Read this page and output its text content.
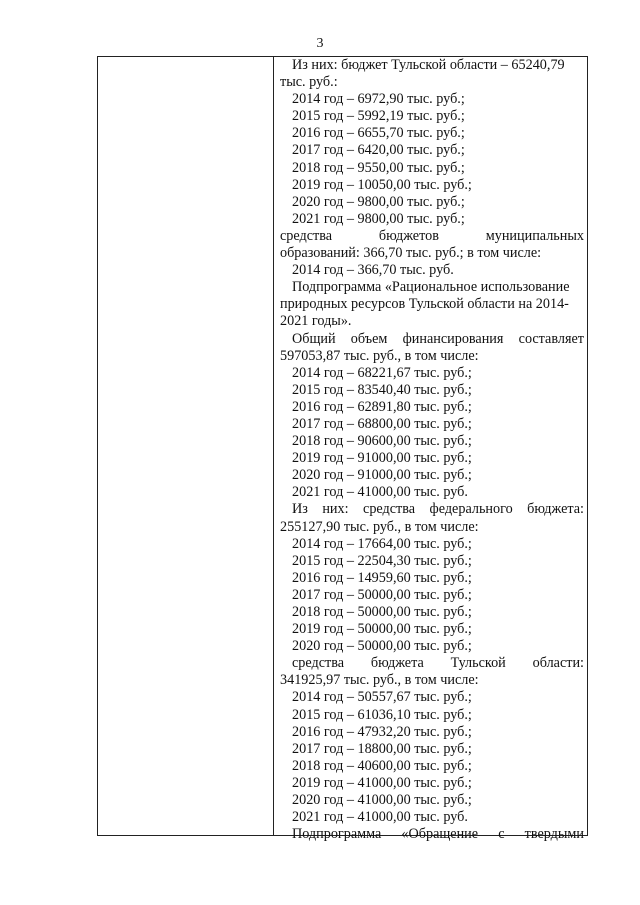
3
Из них: бюджет Тульской области – 65240,79
тыс. руб.:
2014 год – 6972,90 тыс. руб.;
2015 год – 5992,19 тыс. руб.;
2016 год – 6655,70 тыс. руб.;
2017 год – 6420,00 тыс. руб.;
2018 год – 9550,00 тыс. руб.;
2019 год – 10050,00 тыс. руб.;
2020 год – 9800,00 тыс. руб.;
2021 год – 9800,00 тыс. руб.;
средства	бюджетов	муниципальных
образований: 366,70 тыс. руб.; в том числе:
2014 год – 366,70 тыс. руб.
Подпрограмма «Рациональное использование
природных ресурсов Тульской области на 2014-
2021 годы».
Общий объем финансирования составляет
597053,87 тыс. руб., в том числе:
2014 год – 68221,67 тыс. руб.;
2015 год – 83540,40 тыс. руб.;
2016 год – 62891,80 тыс. руб.;
2017 год – 68800,00 тыс. руб.;
2018 год – 90600,00 тыс. руб.;
2019 год – 91000,00 тыс. руб.;
2020 год – 91000,00 тыс. руб.;
2021 год – 41000,00 тыс. руб.
Из них: средства федерального бюджета:
255127,90 тыс. руб., в том числе:
2014 год – 17664,00 тыс. руб.;
2015 год – 22504,30 тыс. руб.;
2016 год – 14959,60 тыс. руб.;
2017 год – 50000,00 тыс. руб.;
2018 год – 50000,00 тыс. руб.;
2019 год – 50000,00 тыс. руб.;
2020 год – 50000,00 тыс. руб.;
средства бюджета Тульской области:
341925,97 тыс. руб., в том числе:
2014 год – 50557,67 тыс. руб.;
2015 год – 61036,10 тыс. руб.;
2016 год – 47932,20 тыс. руб.;
2017 год – 18800,00 тыс. руб.;
2018 год – 40600,00 тыс. руб.;
2019 год – 41000,00 тыс. руб.;
2020 год – 41000,00 тыс. руб.;
2021 год – 41000,00 тыс. руб.
Подпрограмма «Обращение с твердыми
